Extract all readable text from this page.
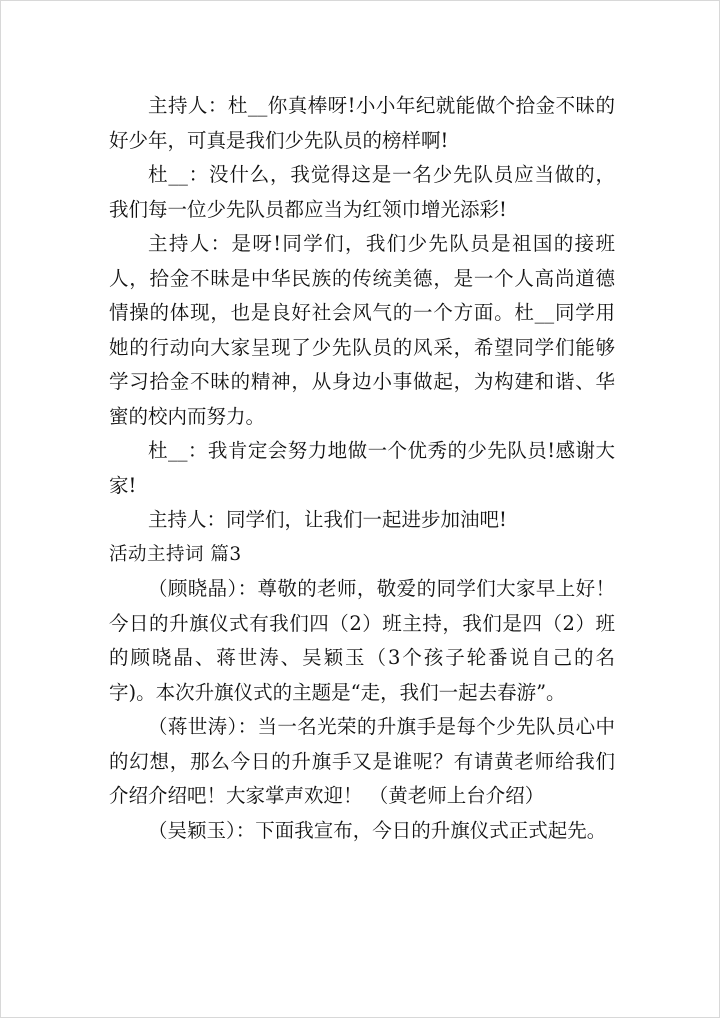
主持人：杜__你真棒呀!小小年纪就能做个拾金不昧的好少年，可真是我们少先队员的榜样啊!

杜__：没什么，我觉得这是一名少先队员应当做的，我们每一位少先队员都应当为红领巾增光添彩!

主持人：是呀!同学们，我们少先队员是祖国的接班人，拾金不昧是中华民族的传统美德，是一个人高尚道德情操的体现，也是良好社会风气的一个方面。杜__同学用她的行动向大家呈现了少先队员的风采，希望同学们能够学习拾金不昧的精神，从身边小事做起，为构建和谐、华蜜的校内而努力。

杜__：我肯定会努力地做一个优秀的少先队员!感谢大家!

主持人：同学们，让我们一起进步加油吧!

活动主持词 篇3

（顾晓晶）：尊敬的老师，敬爱的同学们大家早上好！今日的升旗仪式有我们四（2）班主持，我们是四（2）班的顾晓晶、蒋世涛、吴颖玉（3个孩子轮番说自己的名字)。本次升旗仪式的主题是“走，我们一起去春游”。

（蒋世涛）：当一名光荣的升旗手是每个少先队员心中的幻想，那么今日的升旗手又是谁呢？有请黄老师给我们介绍介绍吧！大家掌声欢迎！ （黄老师上台介绍）

（吴颖玉）：下面我宣布，今日的升旗仪式正式起先。
